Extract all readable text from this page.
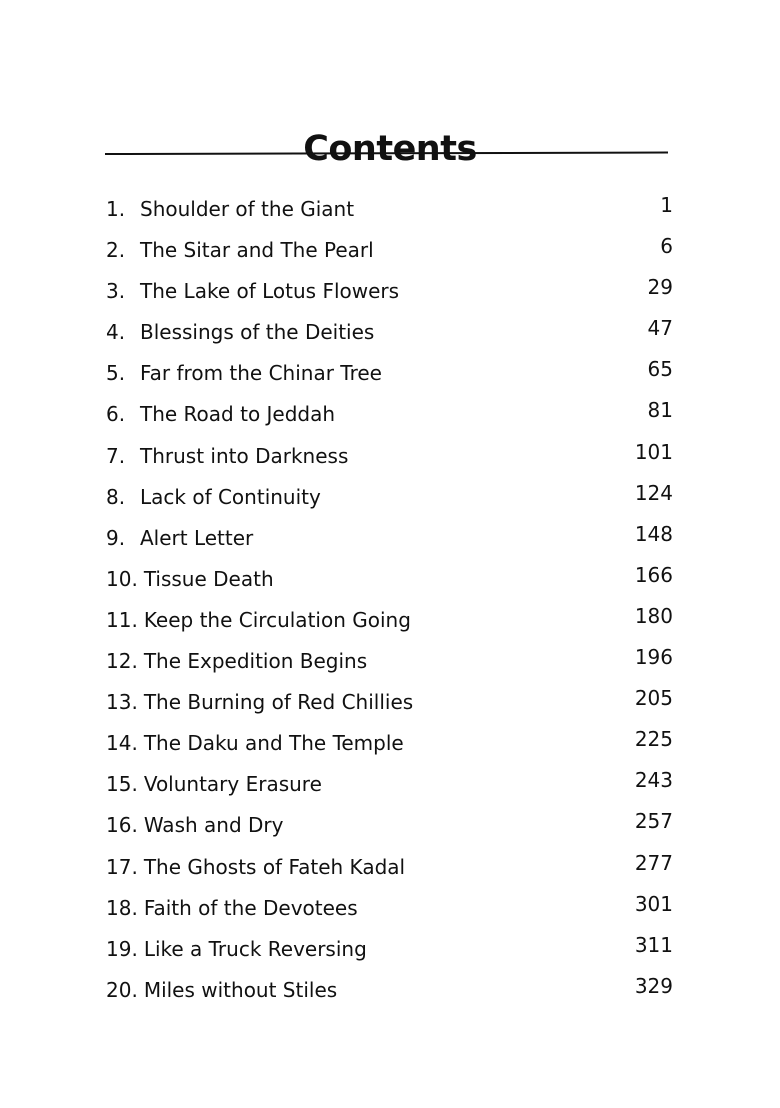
Contents
1. Shoulder of the Giant	1
2. The Sitar and The Pearl	6
3. The Lake of Lotus Flowers	29
4. Blessings of the Deities	47
5. Far from the Chinar Tree	65
6. The Road to Jeddah	81
7. Thrust into Darkness	101
8. Lack of Continuity	124
9. Alert Letter	148
10. Tissue Death	166
11. Keep the Circulation Going	180
12. The Expedition Begins	196
13. The Burning of Red Chillies	205
14. The Daku and The Temple	225
15. Voluntary Erasure	243
16. Wash and Dry	257
17. The Ghosts of Fateh Kadal	277
18. Faith of the Devotees	301
19. Like a Truck Reversing	311
20. Miles without Stiles	329
